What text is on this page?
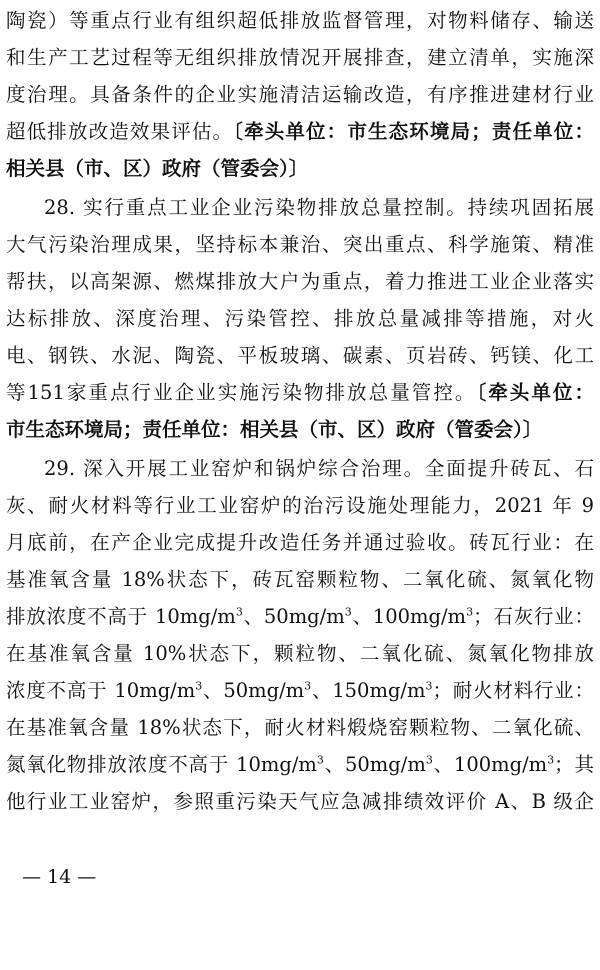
陶瓷）等重点行业有组织超低排放监督管理，对物料储存、输送
和生产工艺过程等无组织排放情况开展排查，建立清单，实施深
度治理。具备条件的企业实施清洁运输改造，有序推进建材行业
超低排放改造效果评估。〔牵头单位：市生态环境局；责任单位：
相关县（市、区）政府（管委会）〕
28. 实行重点工业企业污染物排放总量控制。持续巩固拓展
大气污染治理成果，坚持标本兼治、突出重点、科学施策、精准
帮扶，以高架源、燃煤排放大户为重点，着力推进工业企业落实
达标排放、深度治理、污染管控、排放总量减排等措施，对火
电、钢铁、水泥、陶瓷、平板玻璃、碳素、页岩砖、钙镁、化工
等151家重点行业企业实施污染物排放总量管控。〔牵头单位：
市生态环境局；责任单位：相关县（市、区）政府（管委会）〕
29. 深入开展工业窑炉和锅炉综合治理。全面提升砖瓦、石
灰、耐火材料等行业工业窑炉的治污设施处理能力，2021 年 9
月底前，在产企业完成提升改造任务并通过验收。砖瓦行业：在
基准氧含量 18%状态下，砖瓦窑颗粒物、二氧化硫、氮氧化物
排放浓度不高于 $10mg/m^3$、$50mg/m^3$、$100mg/m^3$；石灰行业：
在基准氧含量 10%状态下，颗粒物、二氧化硫、氮氧化物排放
浓度不高于 $10mg/m^3$、$50mg/m^3$、$150mg/m^3$；耐火材料行业：
在基准氧含量 18%状态下，耐火材料煅烧窑颗粒物、二氧化硫、
氮氧化物排放浓度不高于 $10mg/m^3$、$50mg/m^3$、$100mg/m^3$；其
他行业工业窑炉，参照重污染天气应急减排绩效评价 A、B 级企
— 14 —
